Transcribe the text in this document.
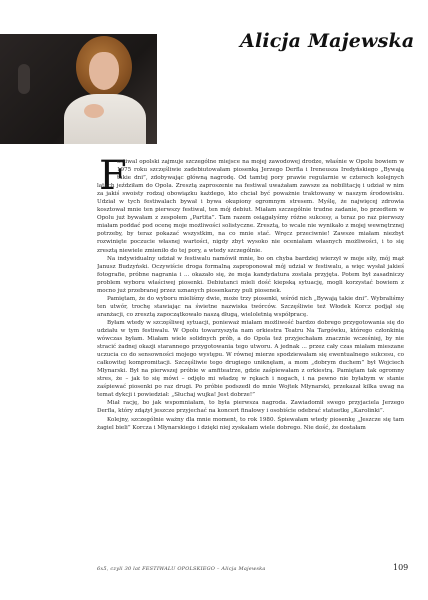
Alicja Majewska
F

estiwal opolski zajmuje szczególne miejsce na mojej zawodowej drodze, właśnie w Opolu bowiem w 1975 roku szczęśliwie zadebiutowałam piosenką Jerzego Derfla i Ireneusza Iredyńskiego „Bywają takie dni”, zdobywając główną nagrodę. Od tamtej pory prawie regularnie w czterech kolejnych latach jeździłam do Opola. Zresztą zaproszenie na festiwal uważałam zawsze za nobilitację i udział w nim za jakiś swoisty rodzaj obowiązku każdego, kto chciał być poważnie traktowany w naszym środowisku. Udział w tych festiwalach bywał i bywa okupiony ogromnym stresem. Myślę, że najwięcej zdrowia kosztował mnie ten pierwszy festiwal, ten mój debiut. Miałam szczególnie trudne zadanie, bo przedtem w Opolu już bywałam z zespołem „Partita”. Tam razem osiągałyśmy różne sukcesy, a teraz po raz pierwszy miałam poddać pod ocenę moje możliwości solistyczne. Zresztą, to wcale nie wynikało z mojej wewnętrznej potrzeby, by teraz pokazać wszystkim, na co mnie stać. Wręcz przeciwnie! Zawsze miałam niezbyt rozwinięte poczucie własnej wartości, nigdy zbyt wysoko nie oceniałam własnych możliwości, i to się zresztą niewiele zmieniło do tej pory, a wtedy szczególnie.

Na indywidualny udział w festiwalu namówił mnie, bo on chyba bardziej wierzył w moje siły, mój mąż Janusz Budzyński. Oczywiście droga formalną zaproponował mój udział w festiwalu, a więc wysłał jakieś fotografie, próbne nagrania i ... okazało się, że moja kandydatura została przyjęta. Potem był zasadniczy problem wyboru właściwej piosenki. Debiutanci mieli dość kiepską sytuację, mogli korzystać bowiem z mocno już przebranej przez uznanych piosenkarzy puli piosenek.

Pamiętam, że do wyboru mieliśmy dwie, może trzy piosenki, wśród nich „Bywają takie dni”. Wybraliśmy ten utwór, trochę stawiając na świetne nazwiska twórców. Szczęśliwie też Włodek Korcz podjął się aranżacji, co zresztą zapoczątkowało naszą długą, wieloletnią współpracę.

Byłam wtedy w szczęśliwej sytuacji, ponieważ miałam możliwość bardzo dobrego przygotowania się do udziału w tym festiwalu. W Opolu towarzyszyła nam orkiestra Teatru Na Targówku, którego członkinią wówczas byłam. Miałam wiele solidnych prób, a do Opola też przyjechałam znacznie wcześniej, by nie stracić żadnej okazji starannego przygotowania tego utworu. A jednak ... przez cały czas miałam mieszane uczucia co do sensowności mojego występu. W równej mierze spodziewałam się ewentualnego sukcesu, co całkowitej kompromitacji. Szczęśliwie tego drugiego uniknęłam, a mom „dobrym duchem” był Wojciech Młynarski. Był na pierwszej próbie w amfiteatrze, gdzie zaśpiewałam z orkiestrą. Pamiętam tak ogromny stres, że – jak to się mówi – odjęło mi władzę w rękach i nogach, i na pewno nie byłabym w stanie zaśpiewać piosenki po raz drugi. Po próbie podszedł do mnie Wojtek Młynarski, przekazał kilka uwag na temat dykcji i powiedział: „Słuchaj wujka! Jest dobrze!”

Miał rację, bo jak wspomniałam, to była pierwsza nagroda. Zawiadomił swego przyjaciela Jerzego Derfla, który zdążył jeszcze przyjechać na koncert finałowy i osobiście odebrać statuetkę „Karolinki”.

Kolejny, szczególnie ważny dla mnie moment, to rok 1980. Śpiewałam wtedy piosenkę „Jeszcze się tam żagiel bieli” Korcza i Młynarskiego i dzięki niej zyskałam wiele dobrego. Nie dość, że dostałam

6x5, czyli 30 lat FESTIWALU OPOLSKIEGO – Alicja Majewska	109
